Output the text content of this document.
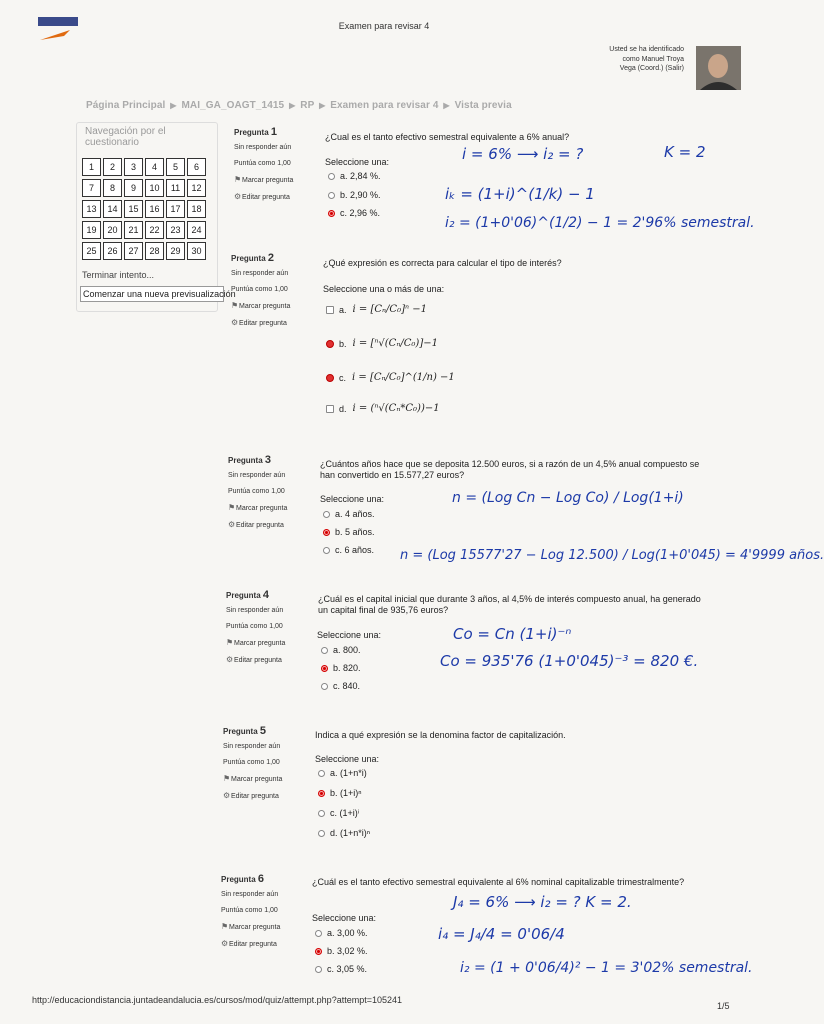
Examen para revisar 4
Usted se ha identificado
como Manuel Troya
Vega (Coord.) (Salir)
Página Principal ▶ MAI_GA_OAGT_1415 ▶ RP ▶ Examen para revisar 4 ▶ Vista previa
Navegación por el cuestionario
1	2	3	4	5	6
7	8	9	10	11	12
13	14	15	16	17	18
19	20	21	22	23	24
25	26	27	28	29	30
Terminar intento...
Comenzar una nueva previsualización
Pregunta 1
Sin responder aún
Puntúa como 1,00
⚑Marcar pregunta
⚙Editar pregunta
¿Cual es el tanto efectivo semestral equivalente a 6% anual?
Seleccione una:
a. 2,84 %.
b. 2,90 %.
c. 2,96 %.
Pregunta 2
Sin responder aún
Puntúa como 1,00
⚑Marcar pregunta
⚙Editar pregunta
¿Qué expresión es correcta para calcular el tipo de interés?
Seleccione una o más de una:
a. i = [Cₙ/C₀]ⁿ −1
b. i = [ⁿ√(Cₙ/C₀)]−1
c. i = [Cₙ/C₀]^(1/n) −1
d. i = (ⁿ√(Cₙ*C₀))−1
Pregunta 3
Sin responder aún
Puntúa como 1,00
⚑Marcar pregunta
⚙Editar pregunta
¿Cuántos años hace que se deposita 12.500 euros, si a razón de un 4,5% anual compuesto se han convertido en 15.577,27 euros?
Seleccione una:
a. 4 años.
b. 5 años.
c. 6 años.
Pregunta 4
Sin responder aún
Puntúa como 1,00
⚑Marcar pregunta
⚙Editar pregunta
¿Cuál es el capital inicial que durante 3 años, al 4,5% de interés compuesto anual, ha generado un capital final de 935,76 euros?
Seleccione una:
a. 800.
b. 820.
c. 840.
Pregunta 5
Sin responder aún
Puntúa como 1,00
⚑Marcar pregunta
⚙Editar pregunta
Indica a qué expresión se la denomina factor de capitalización.
Seleccione una:
a. (1+n*i)
b. (1+i)ⁿ
c. (1+i)ⁱ
d. (1+n*i)ⁿ
Pregunta 6
Sin responder aún
Puntúa como 1,00
⚑Marcar pregunta
⚙Editar pregunta
¿Cuál es el tanto efectivo semestral equivalente al 6% nominal capitalizable trimestralmente?
Seleccione una:
a. 3,00 %.
b. 3,02 %.
c. 3,05 %.
i = 6% ⟶ i₂ = ?	K = 2
iₖ = (1+i)^(1/k) − 1
i₂ = (1+0'06)^(1/2) − 1 = 2'96% semestral.
n = (Log Cn − Log Co) / Log(1+i)
n = (Log 15577'27 − Log 12.500) / Log(1+0'045) = 4'9999 años.
Co = Cn (1+i)⁻ⁿ
Co = 935'76 (1+0'045)⁻³ = 820 €.
J₄ = 6% ⟶ i₂ = ? K = 2.
i₄ = J₄/4 = 0'06/4
i₂ = (1 + 0'06/4)² − 1 = 3'02% semestral.
http://educaciondistancia.juntadeandalucia.es/cursos/mod/quiz/attempt.php?attempt=105241
1/5
